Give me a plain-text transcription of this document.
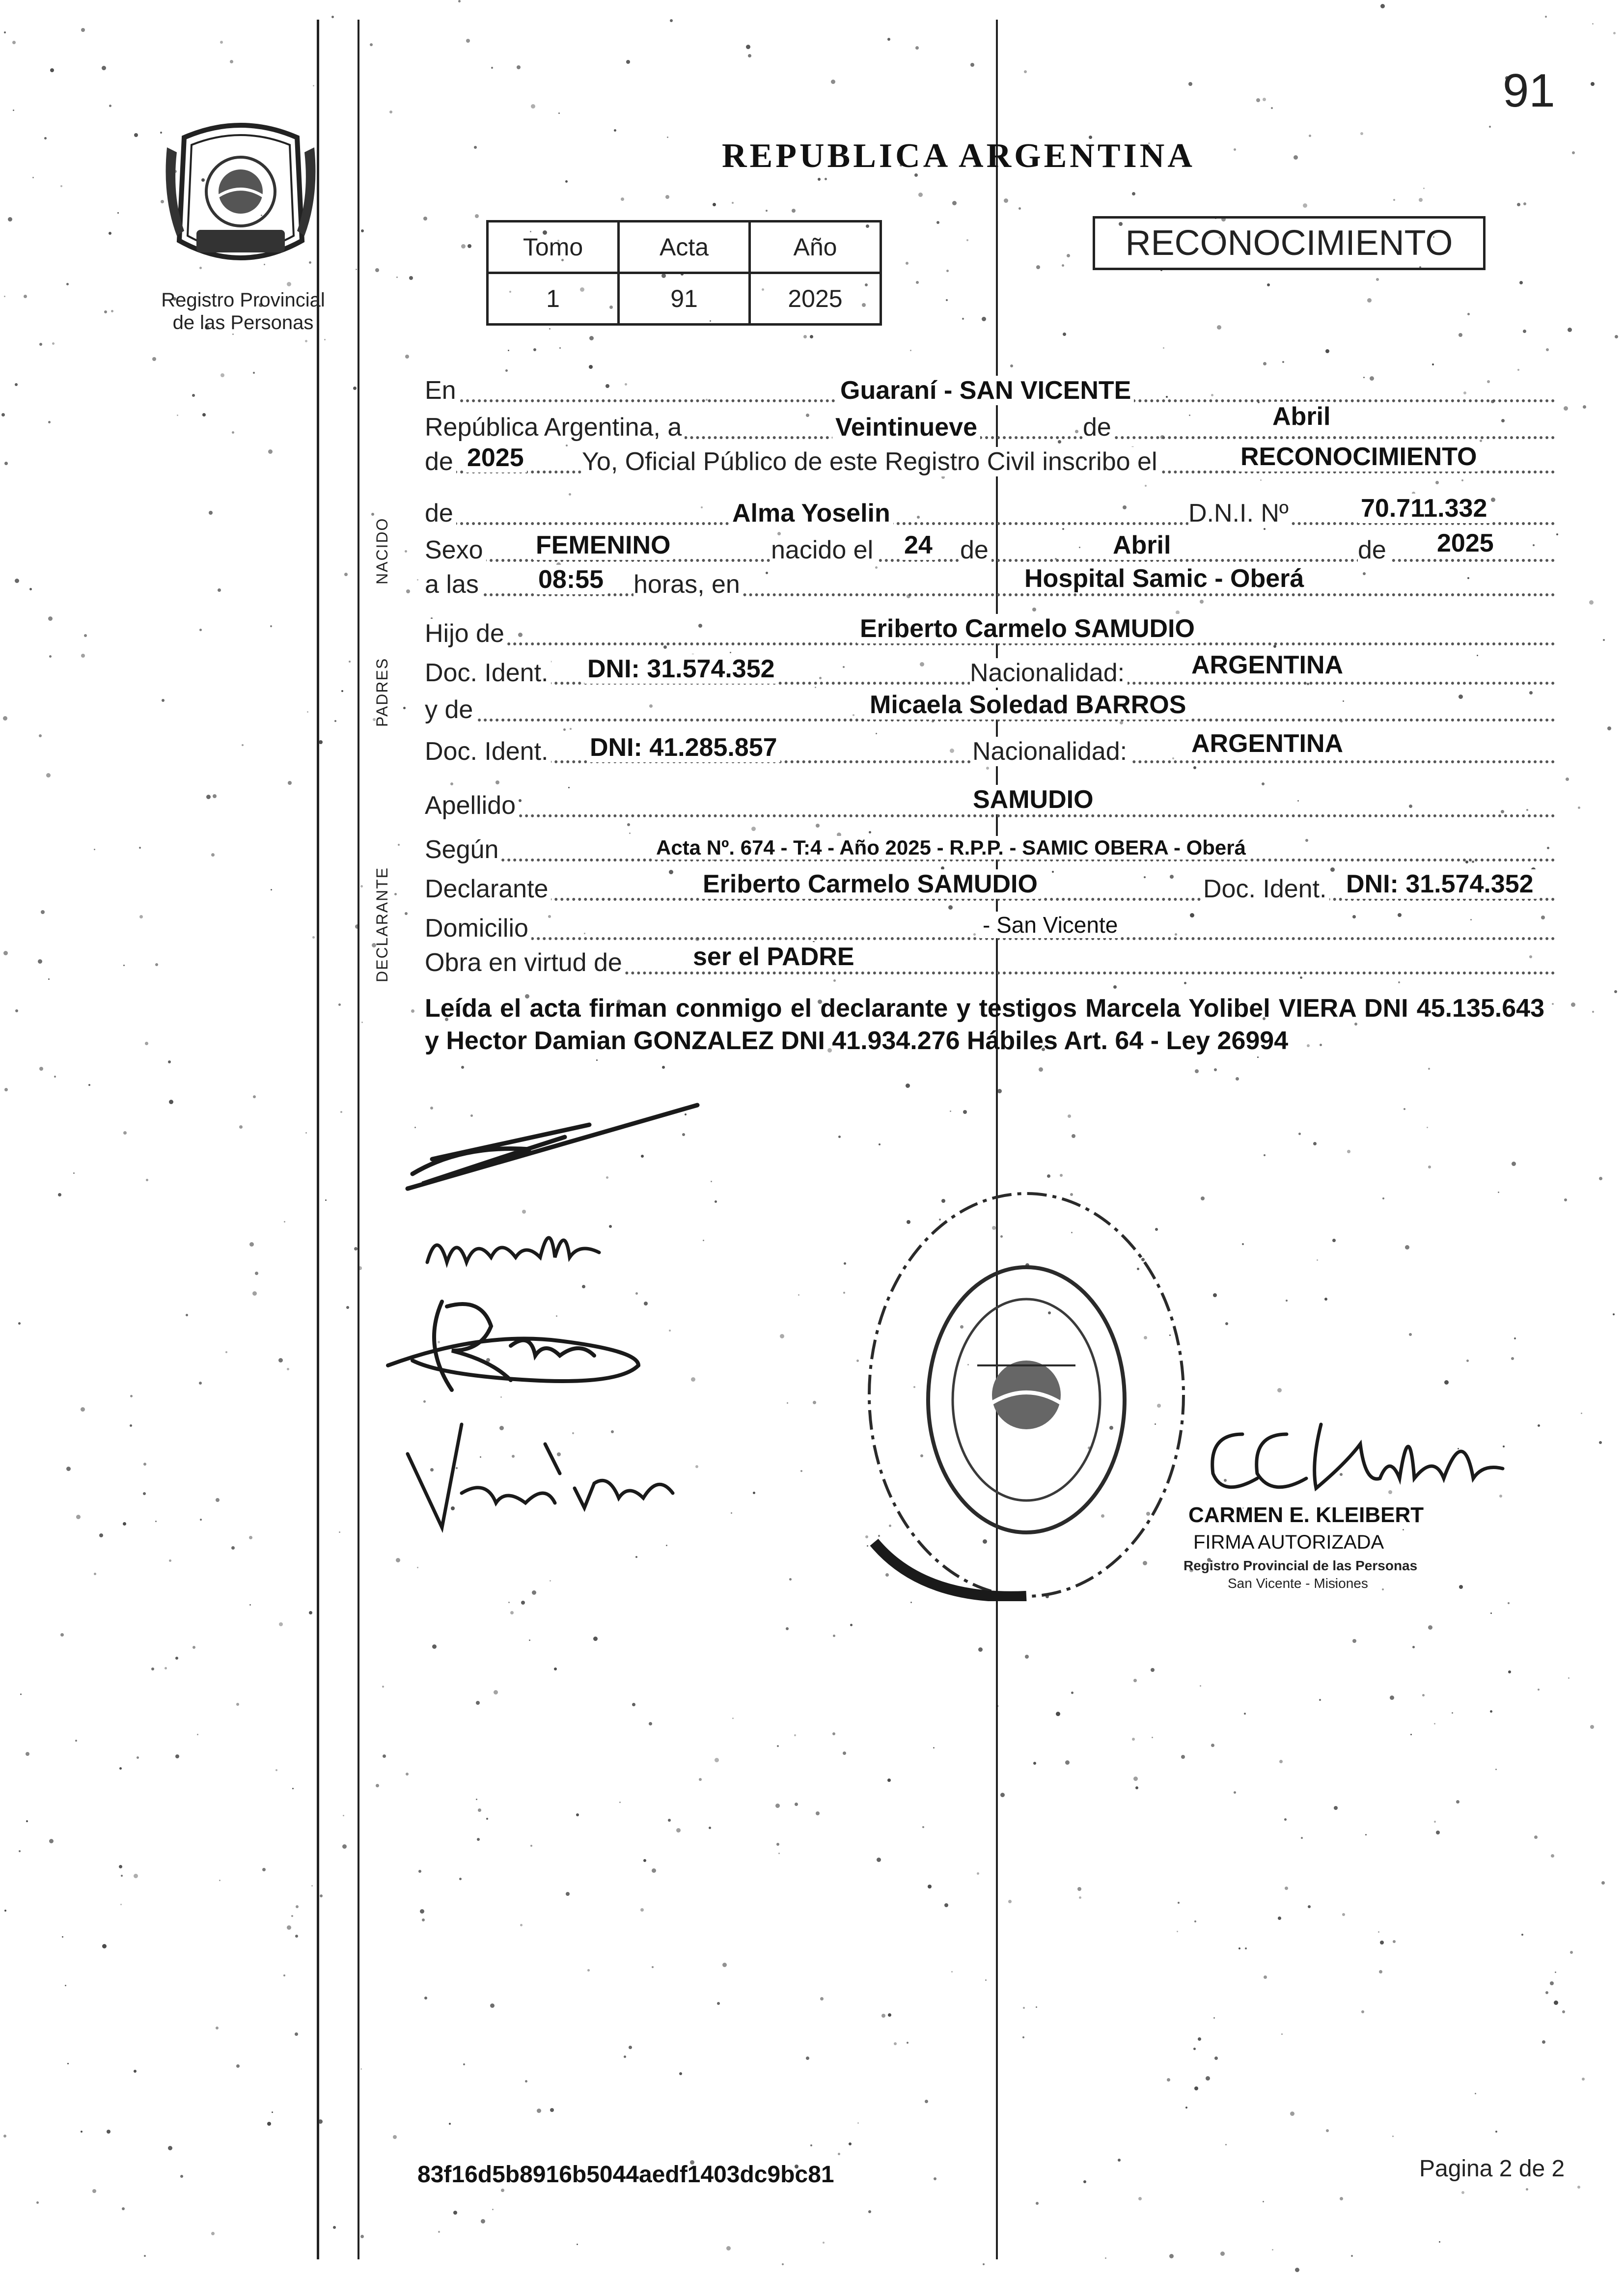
91
Registro Provincial
de las Personas
REPUBLICA ARGENTINA
Tomo	Acta	Año
1	91	2025
RECONOCIMIENTO
NACIDO
PADRES
DECLARANTE
En	Guaraní - SAN VICENTE
República Argentina, a	Veintinueve	de	Abril
de 2025 Yo, Oficial Público de este Registro Civil inscribo el	RECONOCIMIENTO
de	Alma Yoselin	D.N.I. Nº	70.711.332
Sexo FEMENINO	nacido el 24 de	Abril	de 2025
a las 08:55 horas, en	Hospital Samic - Oberá
Hijo de	Eriberto Carmelo SAMUDIO
Doc. Ident. DNI: 31.574.352	Nacionalidad:	ARGENTINA
y de	Micaela Soledad BARROS
Doc. Ident. DNI: 41.285.857	Nacionalidad:	ARGENTINA
Apellido	SAMUDIO
Según	Acta Nº. 674 - T:4 - Año 2025 - R.P.P. - SAMIC OBERA - Oberá
Declarante	Eriberto Carmelo SAMUDIO	Doc. Ident. DNI: 31.574.352
Domicilio	- San Vicente
Obra en virtud de	ser el PADRE
Leída el acta firman conmigo el declarante y testigos Marcela Yolibel VIERA DNI 45.135.643 y Hector Damian GONZALEZ DNI 41.934.276 Hábiles Art. 64 - Ley 26994
CARMEN E. KLEIBERT
FIRMA AUTORIZADA
Registro Provincial de las Personas
San Vicente - Misiones
83f16d5b8916b5044aedf1403dc9bc81	Pagina 2 de 2
